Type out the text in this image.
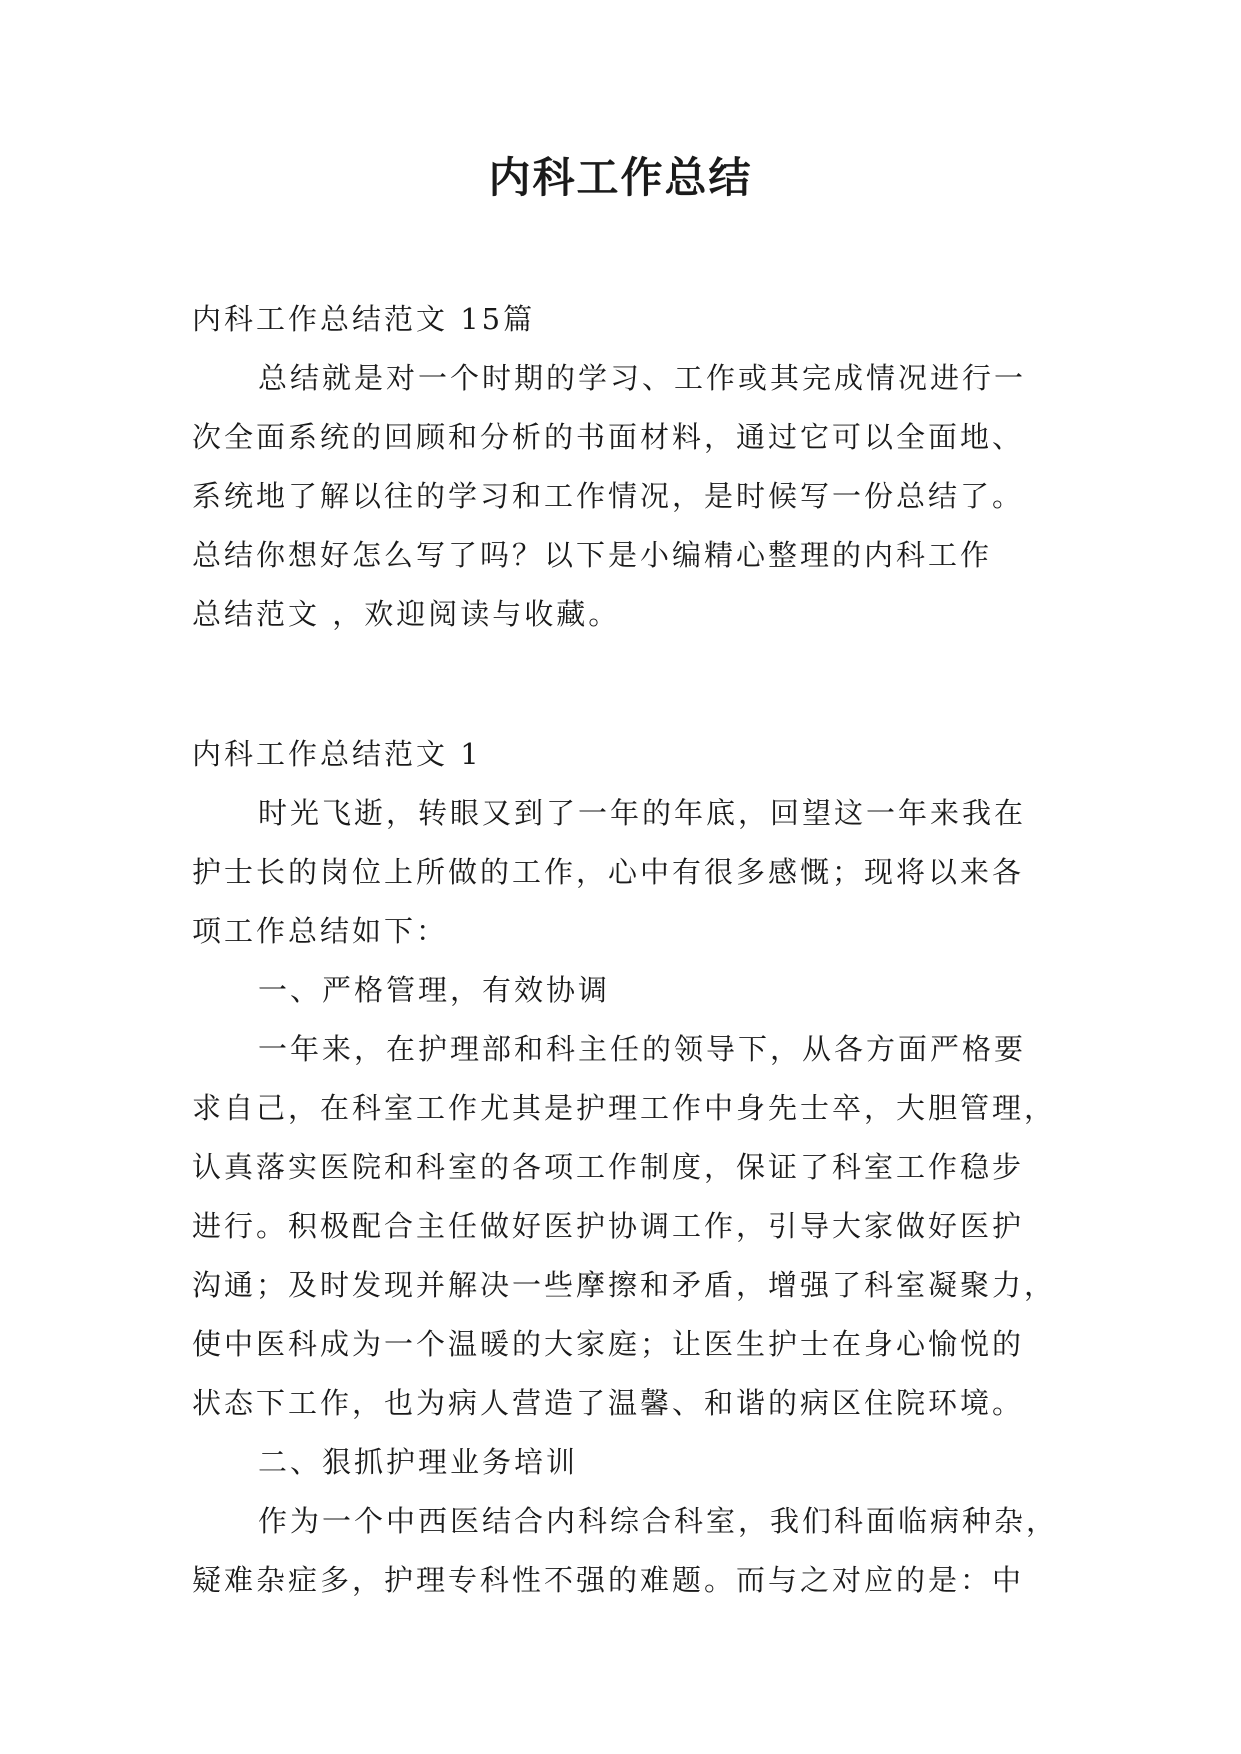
内科工作总结
内科工作总结范文 15篇
总结就是对一个时期的学习、工作或其完成情况进行一
次全面系统的回顾和分析的书面材料，通过它可以全面地、
系统地了解以往的学习和工作情况，是时候写一份总结了。
总结你想好怎么写了吗？以下是小编精心整理的内科工作
总结范文 ，欢迎阅读与收藏。
内科工作总结范文 1
时光飞逝，转眼又到了一年的年底，回望这一年来我在
护士长的岗位上所做的工作，心中有很多感慨；现将以来各
项工作总结如下：
一、严格管理，有效协调
一年来，在护理部和科主任的领导下，从各方面严格要
求自己，在科室工作尤其是护理工作中身先士卒，大胆管理，
认真落实医院和科室的各项工作制度，保证了科室工作稳步
进行。积极配合主任做好医护协调工作，引导大家做好医护
沟通；及时发现并解决一些摩擦和矛盾，增强了科室凝聚力，
使中医科成为一个温暖的大家庭；让医生护士在身心愉悦的
状态下工作，也为病人营造了温馨、和谐的病区住院环境。
二、狠抓护理业务培训
作为一个中西医结合内科综合科室，我们科面临病种杂，
疑难杂症多，护理专科性不强的难题。而与之对应的是：中
